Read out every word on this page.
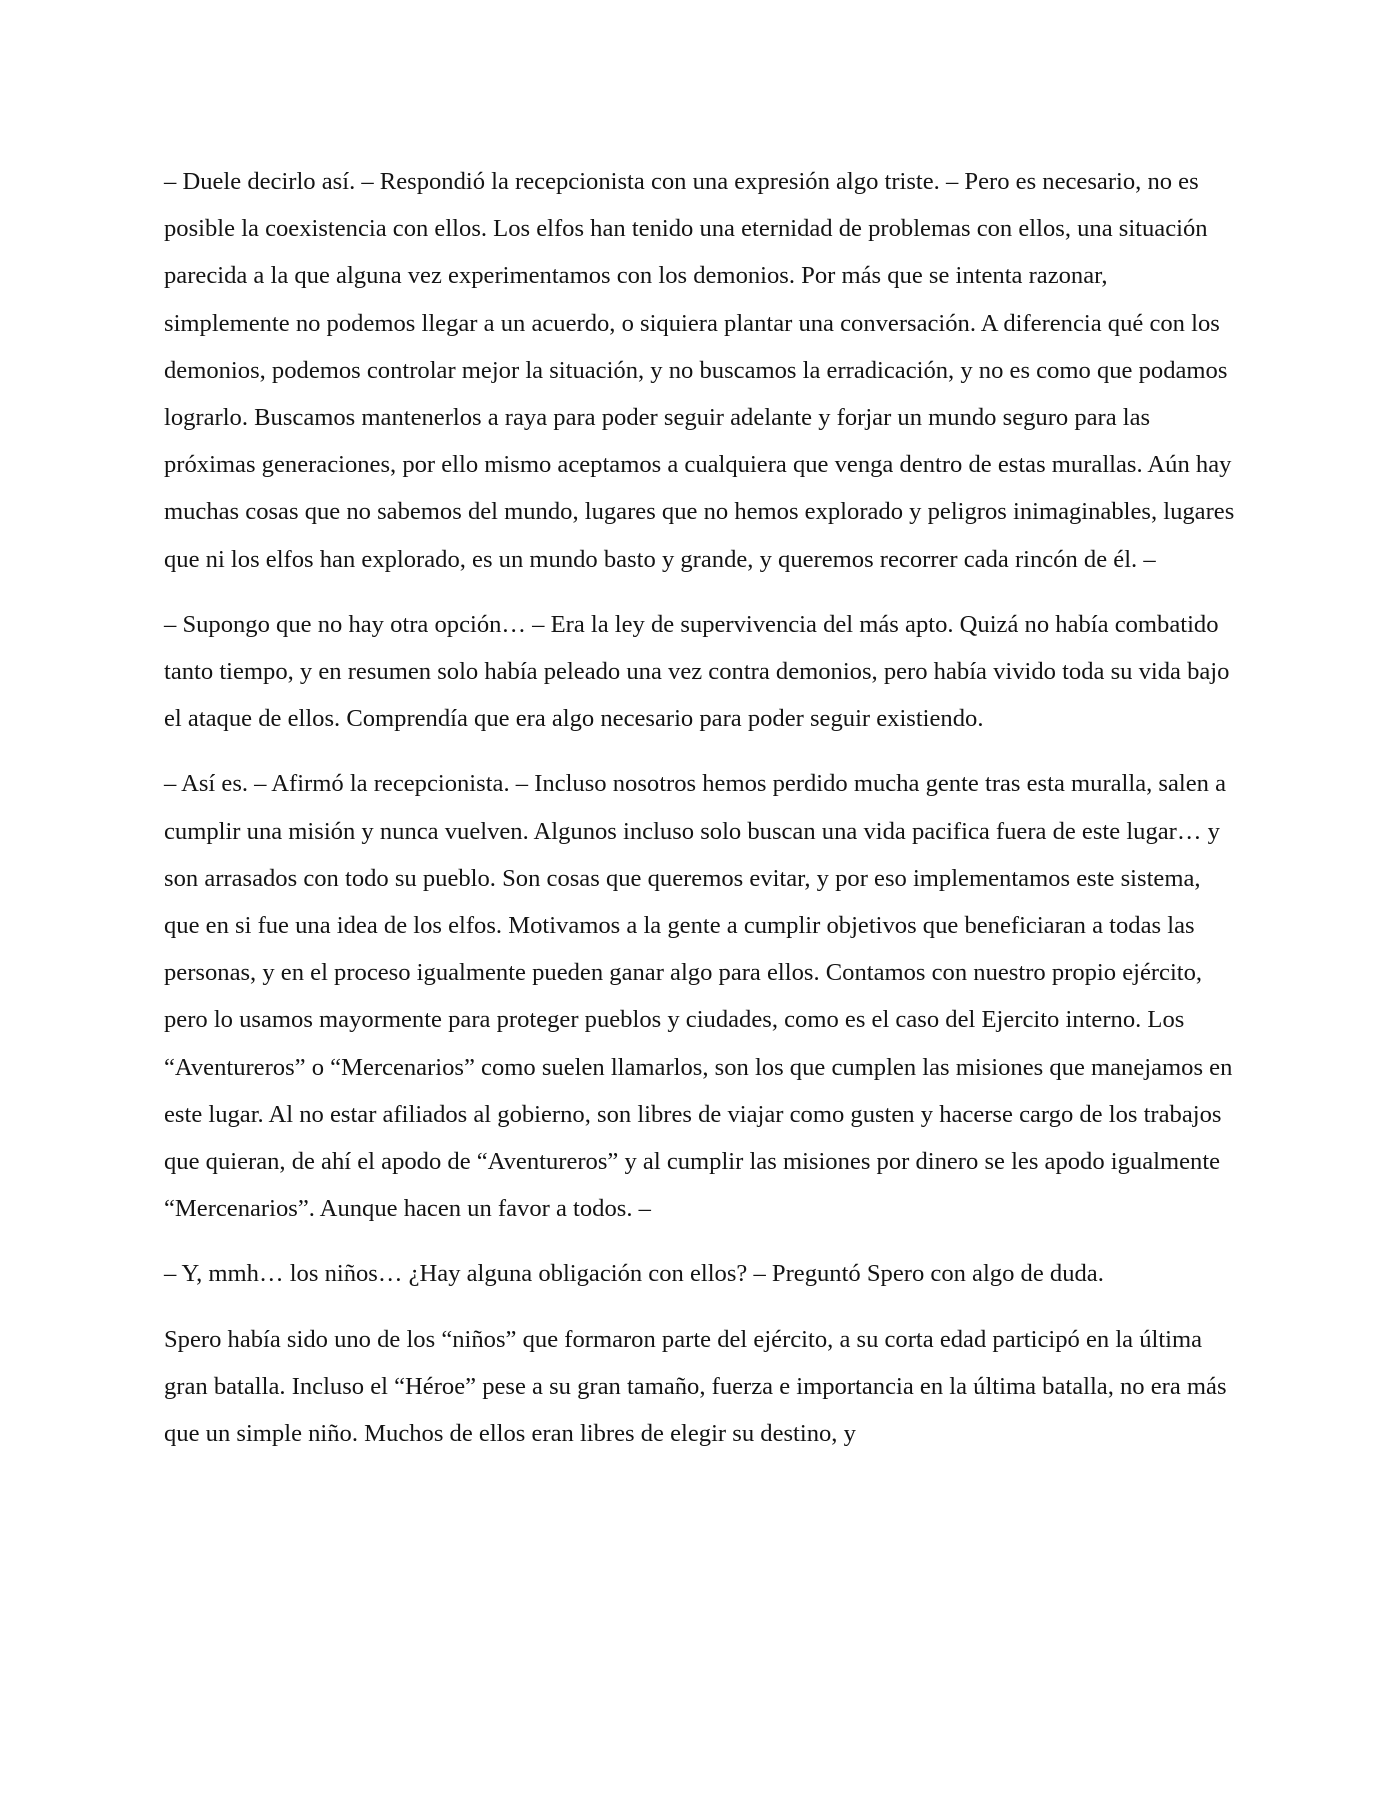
– Duele decirlo así. – Respondió la recepcionista con una expresión algo triste. – Pero es necesario, no es posible la coexistencia con ellos. Los elfos han tenido una eternidad de problemas con ellos, una situación parecida a la que alguna vez experimentamos con los demonios. Por más que se intenta razonar, simplemente no podemos llegar a un acuerdo, o siquiera plantar una conversación. A diferencia qué con los demonios, podemos controlar mejor la situación, y no buscamos la erradicación, y no es como que podamos lograrlo. Buscamos mantenerlos a raya para poder seguir adelante y forjar un mundo seguro para las próximas generaciones, por ello mismo aceptamos a cualquiera que venga dentro de estas murallas. Aún hay muchas cosas que no sabemos del mundo, lugares que no hemos explorado y peligros inimaginables, lugares que ni los elfos han explorado, es un mundo basto y grande, y queremos recorrer cada rincón de él. –

– Supongo que no hay otra opción… – Era la ley de supervivencia del más apto. Quizá no había combatido tanto tiempo, y en resumen solo había peleado una vez contra demonios, pero había vivido toda su vida bajo el ataque de ellos. Comprendía que era algo necesario para poder seguir existiendo.

– Así es. – Afirmó la recepcionista. – Incluso nosotros hemos perdido mucha gente tras esta muralla, salen a cumplir una misión y nunca vuelven. Algunos incluso solo buscan una vida pacifica fuera de este lugar… y son arrasados con todo su pueblo. Son cosas que queremos evitar, y por eso implementamos este sistema, que en si fue una idea de los elfos. Motivamos a la gente a cumplir objetivos que beneficiaran a todas las personas, y en el proceso igualmente pueden ganar algo para ellos. Contamos con nuestro propio ejército, pero lo usamos mayormente para proteger pueblos y ciudades, como es el caso del Ejercito interno. Los “Aventureros” o “Mercenarios” como suelen llamarlos, son los que cumplen las misiones que manejamos en este lugar. Al no estar afiliados al gobierno, son libres de viajar como gusten y hacerse cargo de los trabajos que quieran, de ahí el apodo de “Aventureros” y al cumplir las misiones por dinero se les apodo igualmente “Mercenarios”. Aunque hacen un favor a todos. –

– Y, mmh… los niños… ¿Hay alguna obligación con ellos? – Preguntó Spero con algo de duda.

Spero había sido uno de los “niños” que formaron parte del ejército, a su corta edad participó en la última gran batalla. Incluso el “Héroe” pese a su gran tamaño, fuerza e importancia en la última batalla, no era más que un simple niño. Muchos de ellos eran libres de elegir su destino, y
